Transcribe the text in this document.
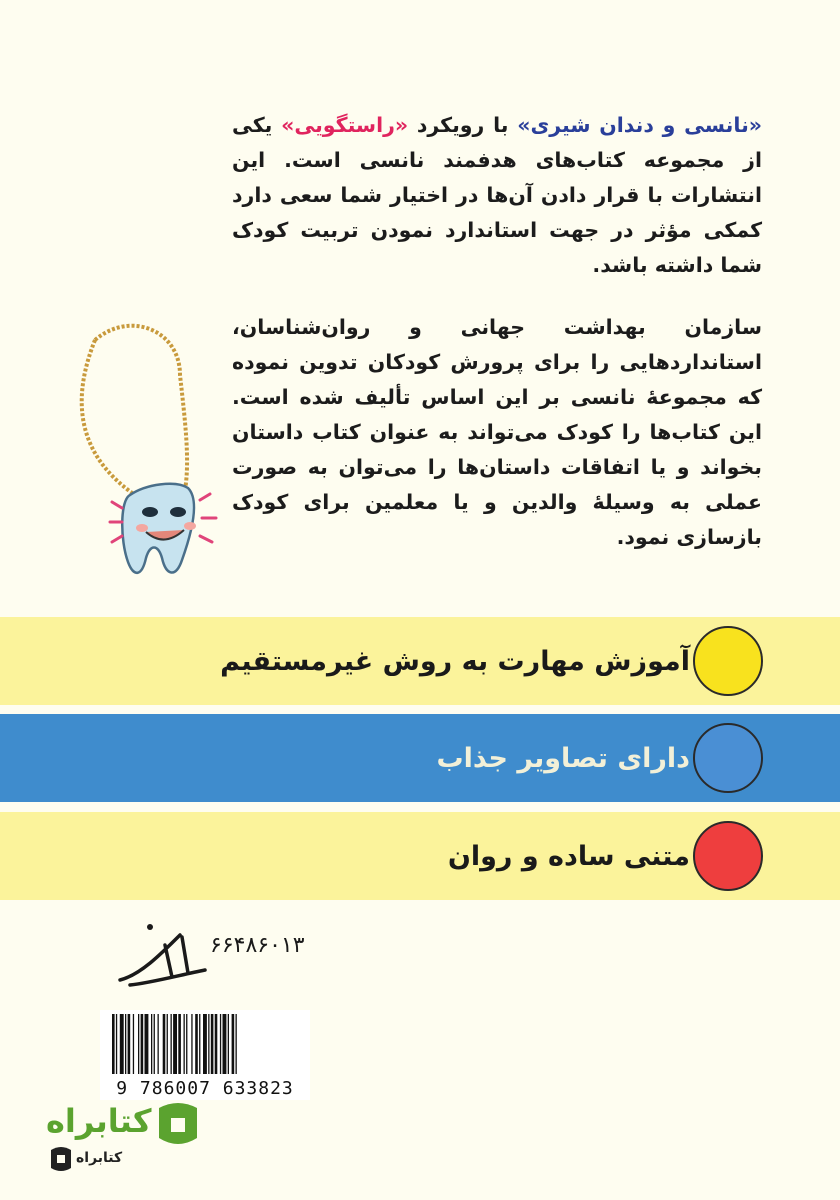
«نانسی و دندان شیری» با رویکرد «راستگویی» یکی از مجموعه کتاب‌های هدفمند نانسی است. این انتشارات با قرار دادن آن‌ها در اختیار شما سعی دارد کمکی مؤثر در جهت استاندارد نمودن تربیت کودک شما داشته باشد.
سازمان بهداشت جهانی و روان‌شناسان، استانداردهایی را برای پرورش کودکان تدوین نموده که مجموعهٔ نانسی بر این اساس تألیف شده است. این کتاب‌ها را کودک می‌تواند به عنوان کتاب داستان بخواند و یا اتفاقات داستان‌ها را می‌توان به صورت عملی به وسیلهٔ والدین و یا معلمین برای کودک بازسازی نمود.
آموزش مهارت به روش غیرمستقیم
دارای تصاویر جذاب
متنی ساده و روان
۶۶۴۸۶۰۱۳
9 786007 633823
کتابراه
کتابراه
